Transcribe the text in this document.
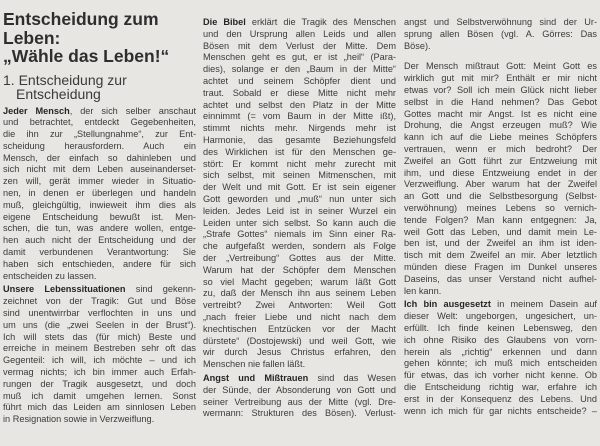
Entscheidung zum
Leben:
„Wähle das Leben!“
1. Entscheidung zur
Entscheidung
Jeder Mensch, der sich selber anschaut
und betrachtet, entdeckt Gegebenheiten,
die ihn zur „Stellungnahme“, zur Ent-
scheidung herausfordern. Auch ein
Mensch, der einfach so dahinleben und
sich nicht mit dem Leben auseinanderset-
zen will, gerät immer wieder in Situatio-
nen, in denen er überlegen und handeln
muß, gleichgültig, inwieweit ihm dies als
eigene Entscheidung bewußt ist. Men-
schen, die tun, was andere wollen, entge-
hen auch nicht der Entscheidung und der
damit verbundenen Verantwortung: Sie
haben sich entschieden, andere für sich
entscheiden zu lassen.
Unsere Lebenssituationen sind gekenn-
zeichnet von der Tragik: Gut und Böse
sind unentwirrbar verflochten in uns und
um uns (die „zwei Seelen in der Brust“).
Ich will stets das (für mich) Beste und
erreiche in meinem Bestreben sehr oft das
Gegenteil: ich will, ich möchte – und ich
vermag nichts; ich bin immer auch Erfah-
rungen der Tragik ausgesetzt, und doch
muß ich damit umgehen lernen. Sonst
führt mich das Leiden am sinnlosen Leben
in Resignation sowie in Verzweiflung.
Die Bibel erklärt die Tragik des Menschen
und den Ursprung allen Leids und allen
Bösen mit dem Verlust der Mitte. Dem
Menschen geht es gut, er ist „heil“ (Para-
dies), solange er den „Baum in der Mitte“
achtet und seinem Schöpfer dient und
traut. Sobald er diese Mitte nicht mehr
achtet und selbst den Platz in der Mitte
einnimmt (= vom Baum in der Mitte ißt),
stimmt nichts mehr. Nirgends mehr ist
Harmonie, das gesamte Beziehungsfeld
des Wirklichen ist für den Menschen ge-
stört: Er kommt nicht mehr zurecht mit
sich selbst, mit seinen Mitmenschen, mit
der Welt und mit Gott. Er ist sein eigener
Gott geworden und „muß“ nun unter sich
leiden. Jedes Leid ist in seiner Wurzel ein
Leiden unter sich selbst. So kann auch die
„Strafe Gottes“ niemals im Sinn einer Ra-
che aufgefaßt werden, sondern als Folge
der „Vertreibung“ Gottes aus der Mitte.
Warum hat der Schöpfer dem Menschen
so viel Macht gegeben; warum läßt Gott
zu, daß der Mensch ihn aus seinem Leben
vertreibt? Zwei Antworten: Weil Gott
„nach freier Liebe und nicht nach dem
knechtischen Entzücken vor der Macht
dürstete“ (Dostojewski) und weil Gott, wie
wir durch Jesus Christus erfahren, den
Menschen nie fallen läßt.
Angst und Mißtrauen sind das Wesen
der Sünde, der Absonderung von Gott und
seiner Vertreibung aus der Mitte (vgl. Dre-
wermann: Strukturen des Bösen). Verlust-
angst und Selbstverwöhnung sind der Ur-
sprung allen Bösen (vgl. A. Görres: Das
Böse).
Der Mensch mißtraut Gott: Meint Gott es
wirklich gut mit mir? Enthält er mir nicht
etwas vor? Soll ich mein Glück nicht lieber
selbst in die Hand nehmen? Das Gebot
Gottes macht mir Angst. Ist es nicht eine
Drohung, die Angst erzeugen muß? Wie
kann ich auf die Liebe meines Schöpfers
vertrauen, wenn er mich bedroht? Der
Zweifel an Gott führt zur Entzweiung mit
ihm, und diese Entzweiung endet in der
Verzweiflung. Aber warum hat der Zweifel
an Gott und die Selbstbesorgung (Selbst-
verwöhnung) meines Lebens so vernich-
tende Folgen? Man kann entgegnen: Ja,
weil Gott das Leben, und damit mein Le-
ben ist, und der Zweifel an ihm ist iden-
tisch mit dem Zweifel an mir. Aber letztlich
münden diese Fragen im Dunkel unseres
Daseins, das unser Verstand nicht aufhel-
len kann.
Ich bin ausgesetzt in meinem Dasein auf
dieser Welt: ungeborgen, ungesichert, un-
erfüllt. Ich finde keinen Lebensweg, den
ich ohne Risiko des Glaubens von vorn-
herein als „richtig“ erkennen und dann
gehen könnte; ich muß mich entscheiden
für etwas, das ich vorher nicht kenne. Ob
die Entscheidung richtig war, erfahre ich
erst in der Konsequenz des Lebens. Und
wenn ich mich für gar nichts entscheide? –
